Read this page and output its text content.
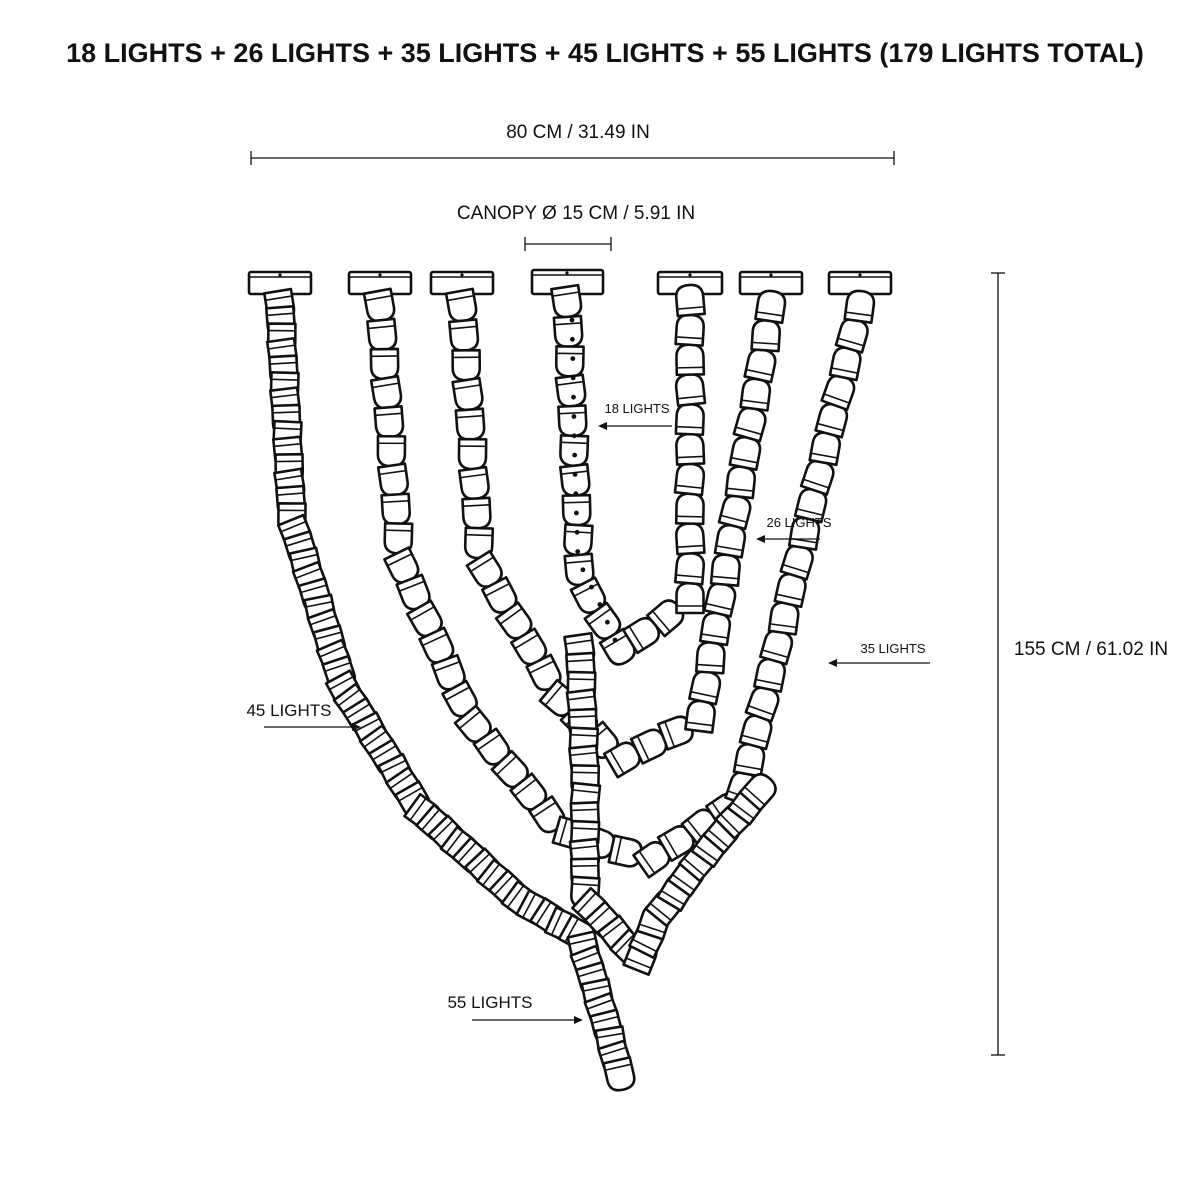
18 LIGHTS + 26 LIGHTS + 35 LIGHTS + 45 LIGHTS + 55 LIGHTS (179 LIGHTS TOTAL)
80 CM / 31.49 IN
CANOPY Ø 15 CM / 5.91 IN
155 CM / 61.02 IN
18 LIGHTS
26 LIGHTS
35 LIGHTS
45 LIGHTS
55 LIGHTS
